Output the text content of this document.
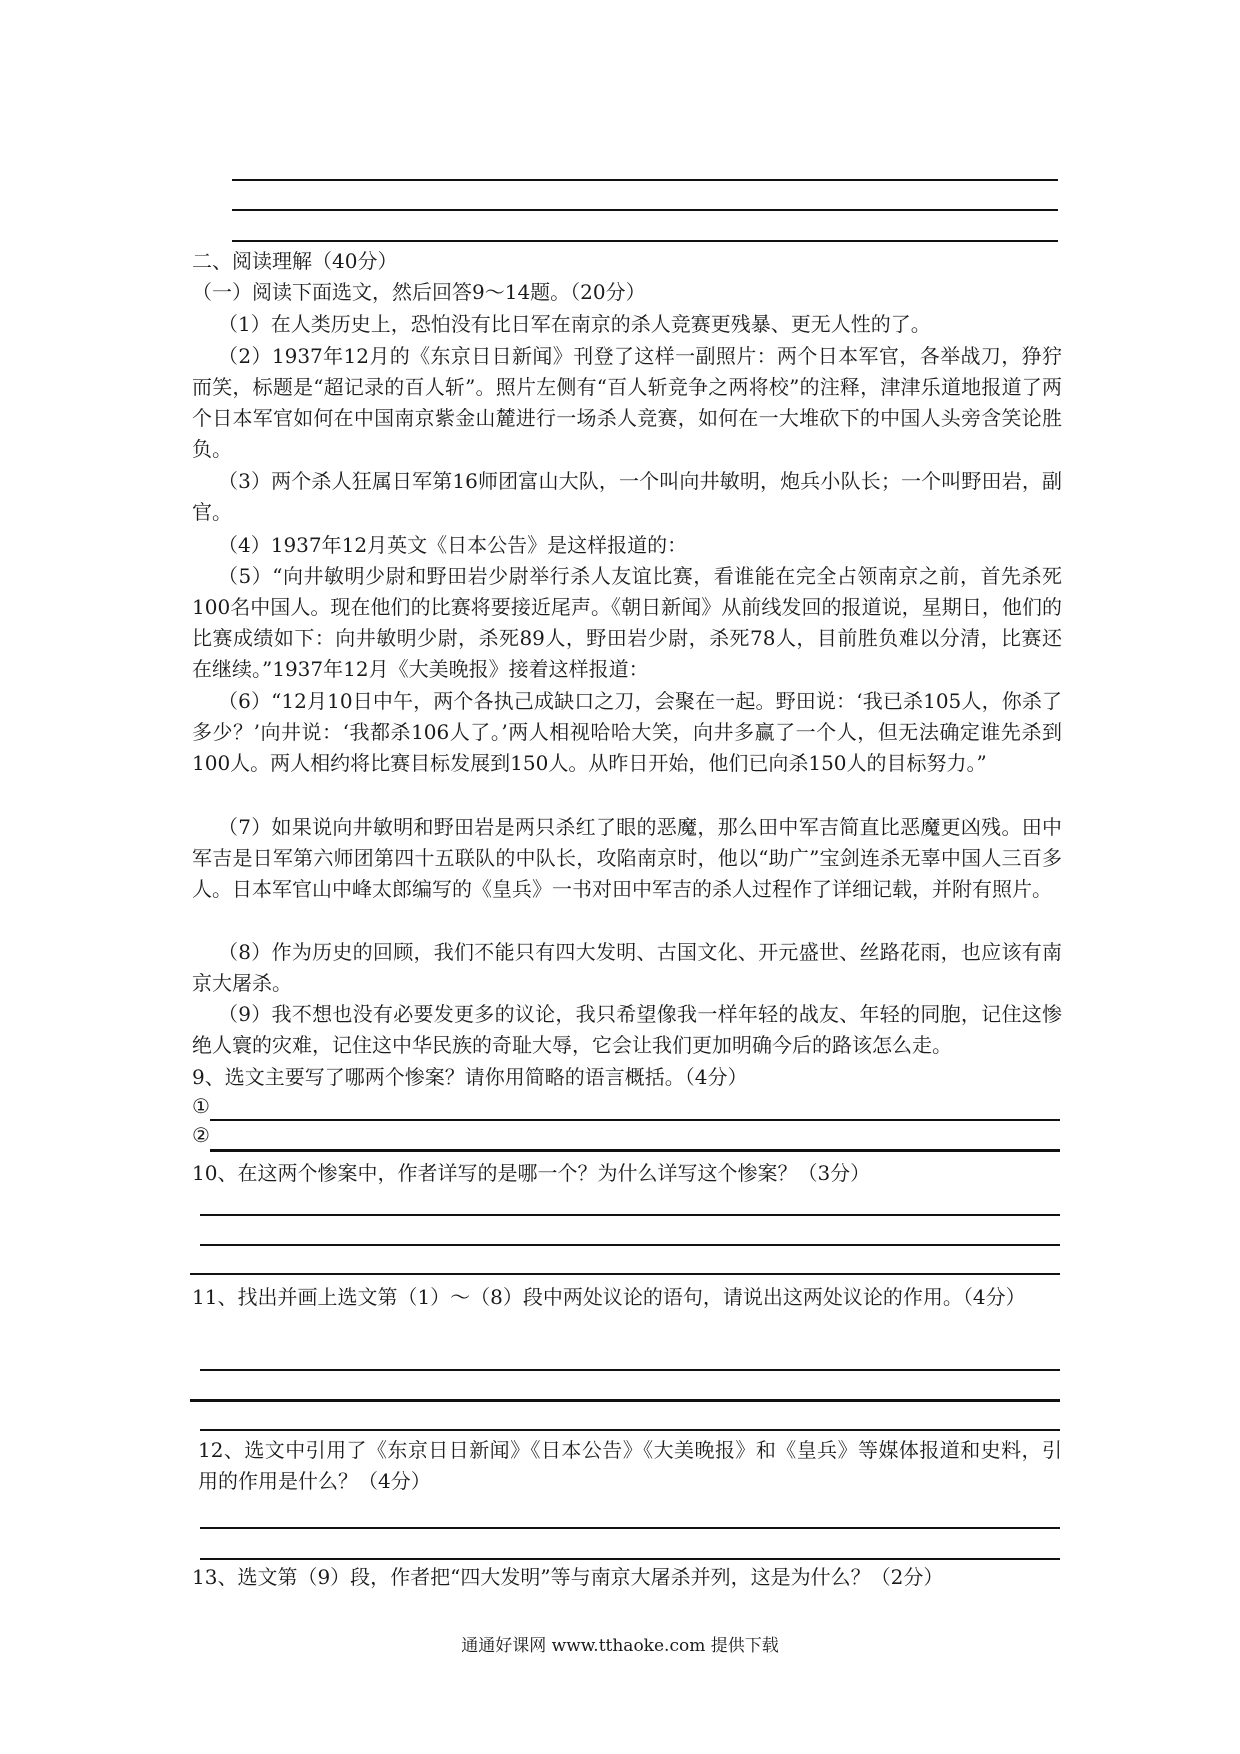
二、阅读理解（40分）
（一）阅读下面选文，然后回答9～14题。（20分）
（1）在人类历史上，恐怕没有比日军在南京的杀人竞赛更残暴、更无人性的了。
（2）1937年12月的《东京日日新闻》刊登了这样一副照片：两个日本军官，各举战刀，狰狞而笑，标题是“超记录的百人斩”。照片左侧有“百人斩竞争之两将校”的注释，津津乐道地报道了两个日本军官如何在中国南京紫金山麓进行一场杀人竞赛，如何在一大堆砍下的中国人头旁含笑论胜负。
（3）两个杀人狂属日军第16师团富山大队，一个叫向井敏明，炮兵小队长；一个叫野田岩，副官。
（4）1937年12月英文《日本公告》是这样报道的：
（5）“向井敏明少尉和野田岩少尉举行杀人友谊比赛，看谁能在完全占领南京之前，首先杀死100名中国人。现在他们的比赛将要接近尾声。《朝日新闻》从前线发回的报道说，星期日，他们的比赛成绩如下：向井敏明少尉，杀死89人，野田岩少尉，杀死78人，目前胜负难以分清，比赛还在继续。”1937年12月《大美晚报》接着这样报道：
（6）“12月10日中午，两个各执己成缺口之刀，会聚在一起。野田说：‘我已杀105人，你杀了多少？’向井说：‘我都杀106人了。’两人相视哈哈大笑，向井多赢了一个人，但无法确定谁先杀到100人。两人相约将比赛目标发展到150人。从昨日开始，他们已向杀150人的目标努力。”
（7）如果说向井敏明和野田岩是两只杀红了眼的恶魔，那么田中军吉简直比恶魔更凶残。田中军吉是日军第六师团第四十五联队的中队长，攻陷南京时，他以“助广”宝剑连杀无辜中国人三百多人。日本军官山中峰太郎编写的《皇兵》一书对田中军吉的杀人过程作了详细记载，并附有照片。
（8）作为历史的回顾，我们不能只有四大发明、古国文化、开元盛世、丝路花雨，也应该有南京大屠杀。
（9）我不想也没有必要发更多的议论，我只希望像我一样年轻的战友、年轻的同胞，记住这惨绝人寰的灾难，记住这中华民族的奇耻大辱，它会让我们更加明确今后的路该怎么走。
9、选文主要写了哪两个惨案？请你用简略的语言概括。（4分）
①
②
10、在这两个惨案中，作者详写的是哪一个？为什么详写这个惨案？（3分）
11、找出并画上选文第（1）～（8）段中两处议论的语句，请说出这两处议论的作用。（4分）
12、选文中引用了《东京日日新闻》《日本公告》《大美晚报》和《皇兵》等媒体报道和史料，引用的作用是什么？（4分）
13、选文第（9）段，作者把“四大发明”等与南京大屠杀并列，这是为什么？（2分）
通通好课网 www.tthaoke.com 提供下载
